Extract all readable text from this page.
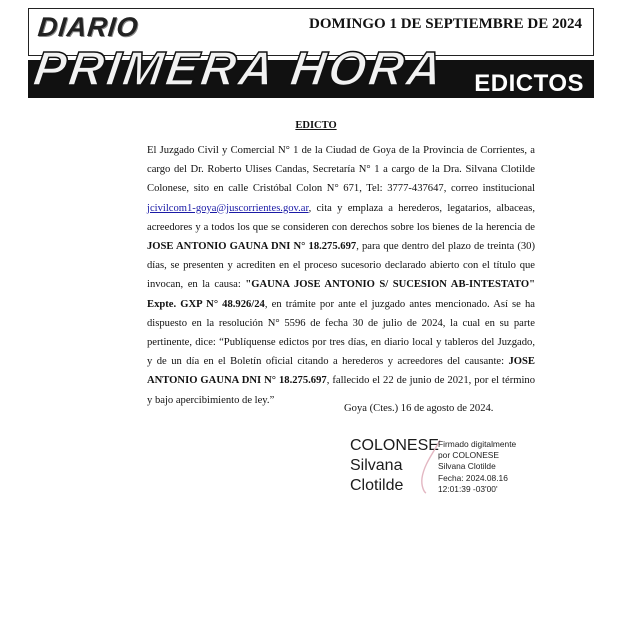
DIARIO	DOMINGO 1 DE SEPTIEMBRE DE 2024
PRIMERA HORA EDICTOS
EDICTO
El Juzgado Civil y Comercial N° 1 de la Ciudad de Goya de la Provincia de Corrientes, a cargo del Dr. Roberto Ulises Candas, Secretaría N° 1 a cargo de la Dra. Silvana Clotilde Colonese, sito en calle Cristóbal Colon N° 671, Tel: 3777-437647, correo institucional jcivilcom1-goya@juscorrientes.gov.ar, cita y emplaza a herederos, legatarios, albaceas, acreedores y a todos los que se consideren con derechos sobre los bienes de la herencia de JOSE ANTONIO GAUNA DNI N° 18.275.697, para que dentro del plazo de treinta (30) días, se presenten y acrediten en el proceso sucesorio declarado abierto con el título que invocan, en la causa: "GAUNA JOSE ANTONIO S/ SUCESION AB-INTESTATO" Expte. GXP N° 48.926/24, en trámite por ante el juzgado antes mencionado. Así se ha dispuesto en la resolución N° 5596 de fecha 30 de julio de 2024, la cual en su parte pertinente, dice: “Publíquense edictos por tres días, en diario local y tableros del Juzgado, y de un día en el Boletín oficial citando a herederos y acreedores del causante: JOSE ANTONIO GAUNA DNI N° 18.275.697, fallecido el 22 de junio de 2021, por el término y bajo apercibimiento de ley.”
Goya (Ctes.) 16 de agosto de 2024.
COLONESE
Silvana
Clotilde
Firmado digitalmente
por COLONESE
Silvana Clotilde
Fecha: 2024.08.16
12:01:39 -03'00'
